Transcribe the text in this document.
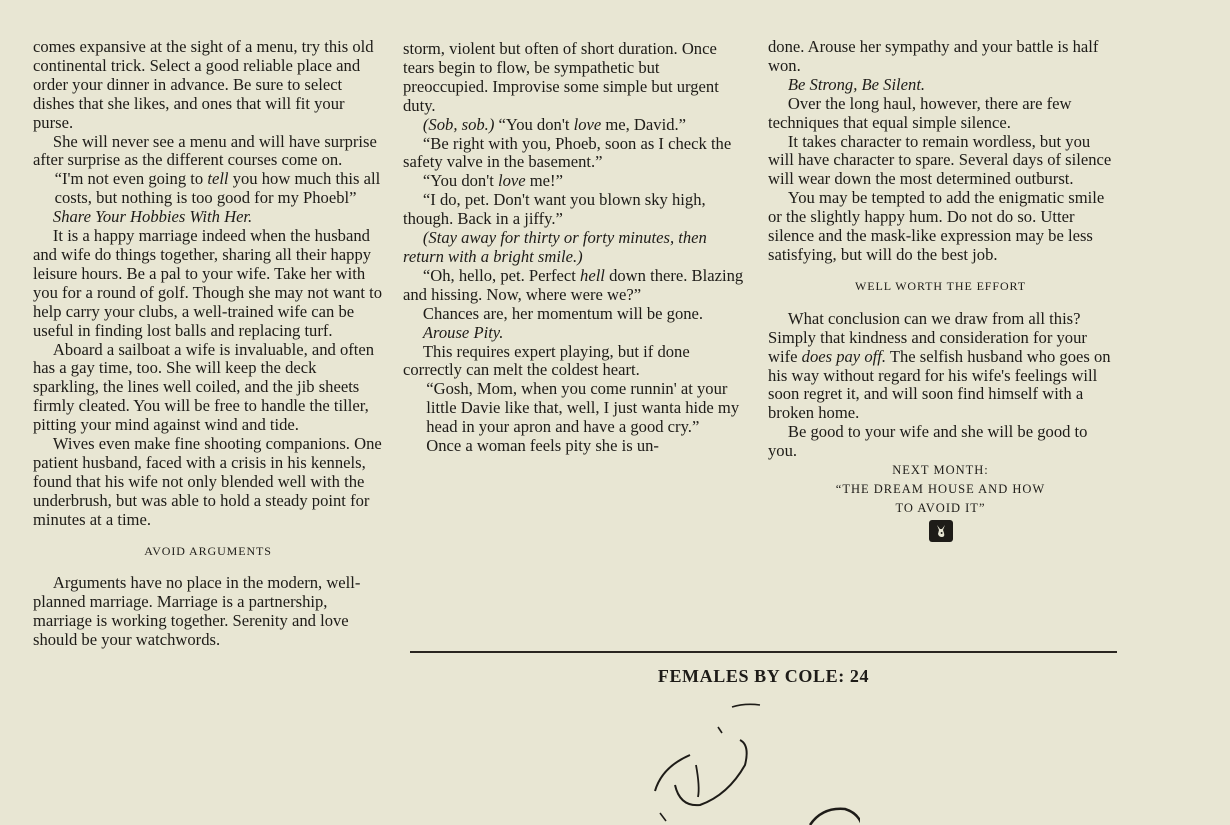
comes expansive at the sight of a menu, try this old continental trick. Select a good reliable place and order your dinner in advance. Be sure to select dishes that she likes, and ones that will fit your purse.

She will never see a menu and will have surprise after surprise as the different courses come on.

“I'm not even going to tell you how much this all costs, but nothing is too good for my Phoebl”

Share Your Hobbies With Her.

It is a happy marriage indeed when the husband and wife do things together, sharing all their happy leisure hours. Be a pal to your wife. Take her with you for a round of golf. Though she may not want to help carry your clubs, a well-trained wife can be useful in finding lost balls and replacing turf.

Aboard a sailboat a wife is invaluable, and often has a gay time, too. She will keep the deck sparkling, the lines well coiled, and the jib sheets firmly cleated. You will be free to handle the tiller, pitting your mind against wind and tide.

Wives even make fine shooting companions. One patient husband, faced with a crisis in his kennels, found that his wife not only blended well with the underbrush, but was able to hold a steady point for minutes at a time.

AVOID ARGUMENTS

Arguments have no place in the modern, well-planned marriage. Marriage is a partnership, marriage is working together. Serenity and love should be your watchwords.

storm, violent but often of short duration. Once tears begin to flow, be sympathetic but preoccupied. Improvise some simple but urgent duty.

(Sob, sob.) “You don't love me, David.”

“Be right with you, Phoeb, soon as I check the safety valve in the basement.”

“You don't love me!”

“I do, pet. Don't want you blown sky high, though. Back in a jiffy.”

(Stay away for thirty or forty minutes, then return with a bright smile.)

“Oh, hello, pet. Perfect hell down there. Blazing and hissing. Now, where were we?”

Chances are, her momentum will be gone.

Arouse Pity.

This requires expert playing, but if done correctly can melt the coldest heart.

“Gosh, Mom, when you come runnin' at your little Davie like that, well, I just wanta hide my head in your apron and have a good cry.”

Once a woman feels pity she is un-

done. Arouse her sympathy and your battle is half won.

Be Strong, Be Silent.

Over the long haul, however, there are few techniques that equal simple silence.

It takes character to remain wordless, but you will have character to spare. Several days of silence will wear down the most determined outburst.

You may be tempted to add the enigmatic smile or the slightly happy hum. Do not do so. Utter silence and the mask-like expression may be less satisfying, but will do the best job.

WELL WORTH THE EFFORT

What conclusion can we draw from all this? Simply that kindness and consideration for your wife does pay off. The selfish husband who goes on his way without regard for his wife's feelings will soon regret it, and will soon find himself with a broken home.

Be good to your wife and she will be good to you.

NEXT MONTH:

“THE DREAM HOUSE AND HOW

TO AVOID IT”

FEMALES BY COLE: 24
